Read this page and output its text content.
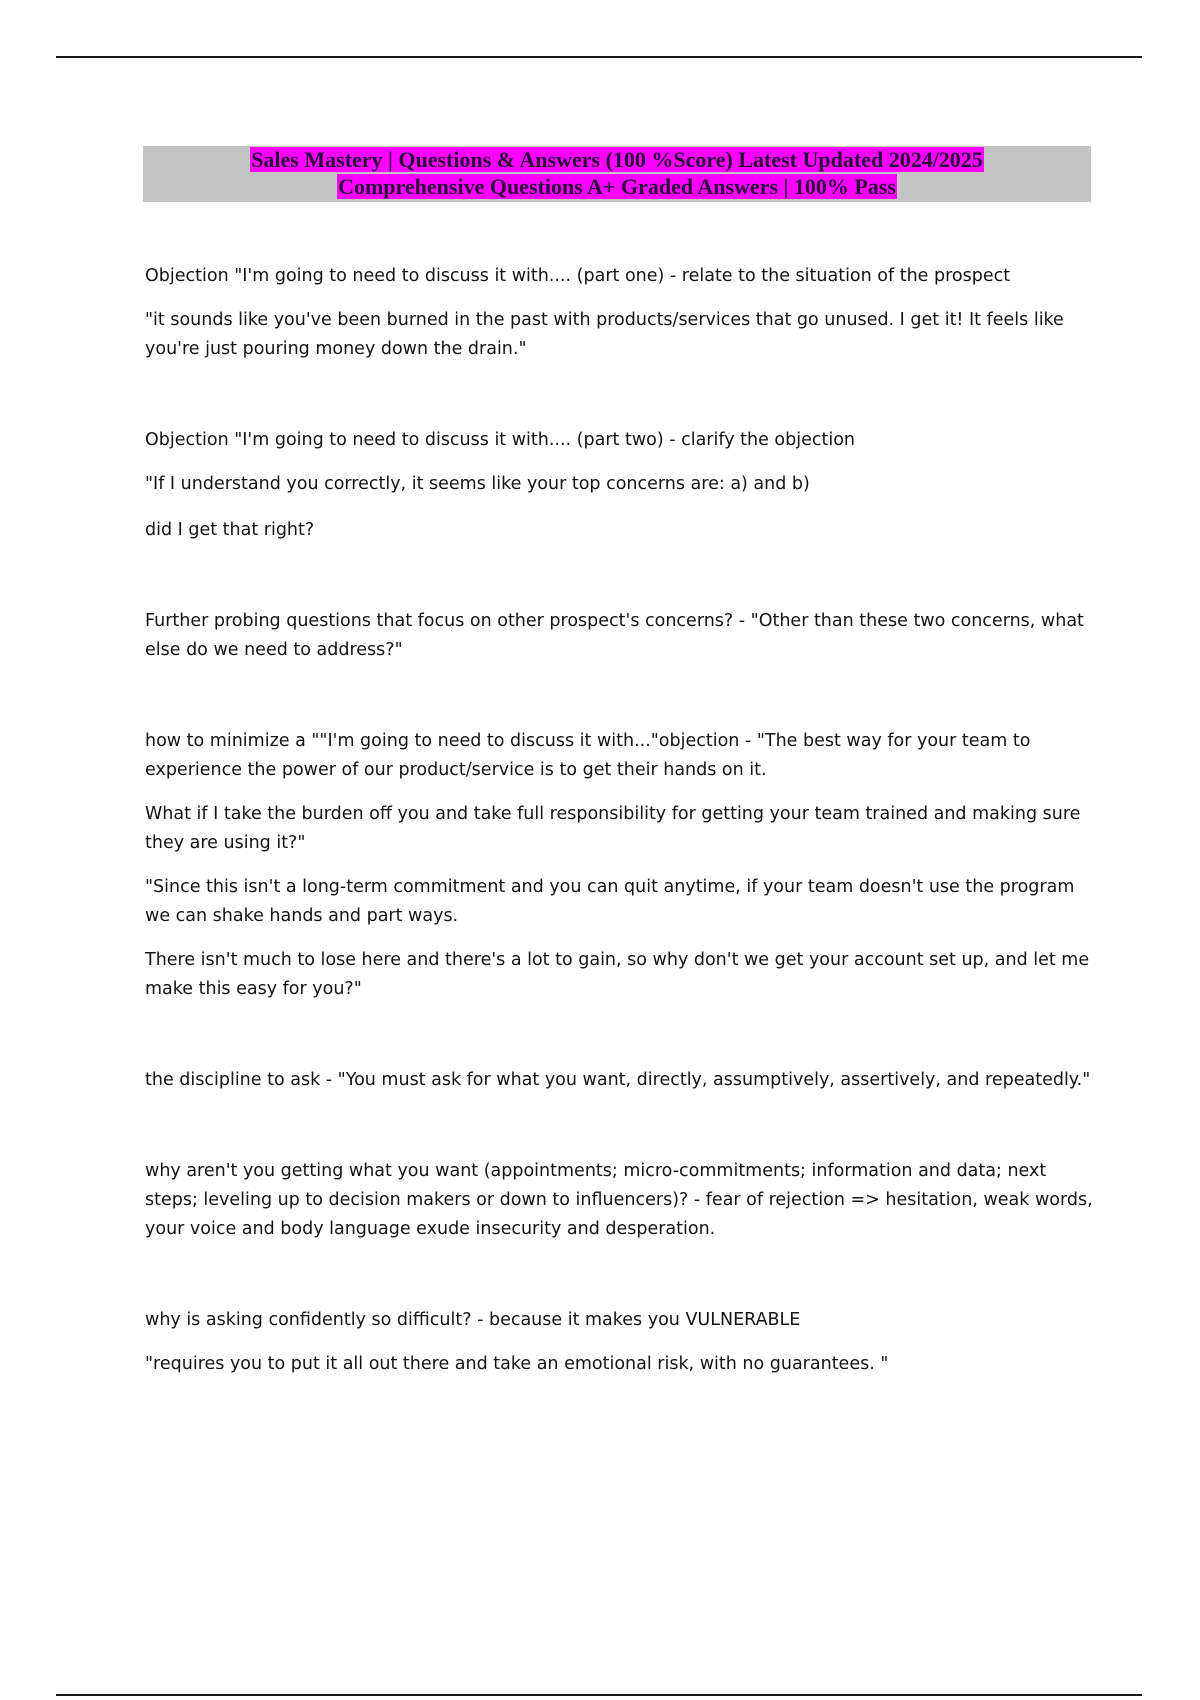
Sales Mastery | Questions & Answers (100 %Score) Latest Updated 2024/2025
Comprehensive Questions A+ Graded Answers | 100% Pass

Objection "I'm going to need to discuss it with.... (part one) - relate to the situation of the prospect

"it sounds like you've been burned in the past with products/services that go unused. I get it! It feels like you're just pouring money down the drain."

Objection "I'm going to need to discuss it with.... (part two) - clarify the objection

"If I understand you correctly, it seems like your top concerns are: a) and b)

did I get that right?

Further probing questions that focus on other prospect's concerns? - "Other than these two concerns, what else do we need to address?"

how to minimize a ""I'm going to need to discuss it with..."objection - "The best way for your team to experience the power of our product/service is to get their hands on it.

What if I take the burden off you and take full responsibility for getting your team trained and making sure they are using it?"

"Since this isn't a long-term commitment and you can quit anytime, if your team doesn't use the program we can shake hands and part ways.

There isn't much to lose here and there's a lot to gain, so why don't we get your account set up, and let me make this easy for you?"

the discipline to ask - "You must ask for what you want, directly, assumptively, assertively, and repeatedly."

why aren't you getting what you want (appointments; micro-commitments; information and data; next steps; leveling up to decision makers or down to influencers)? - fear of rejection => hesitation, weak words, your voice and body language exude insecurity and desperation.

why is asking confidently so difficult? - because it makes you VULNERABLE

"requires you to put it all out there and take an emotional risk, with no guarantees. "
